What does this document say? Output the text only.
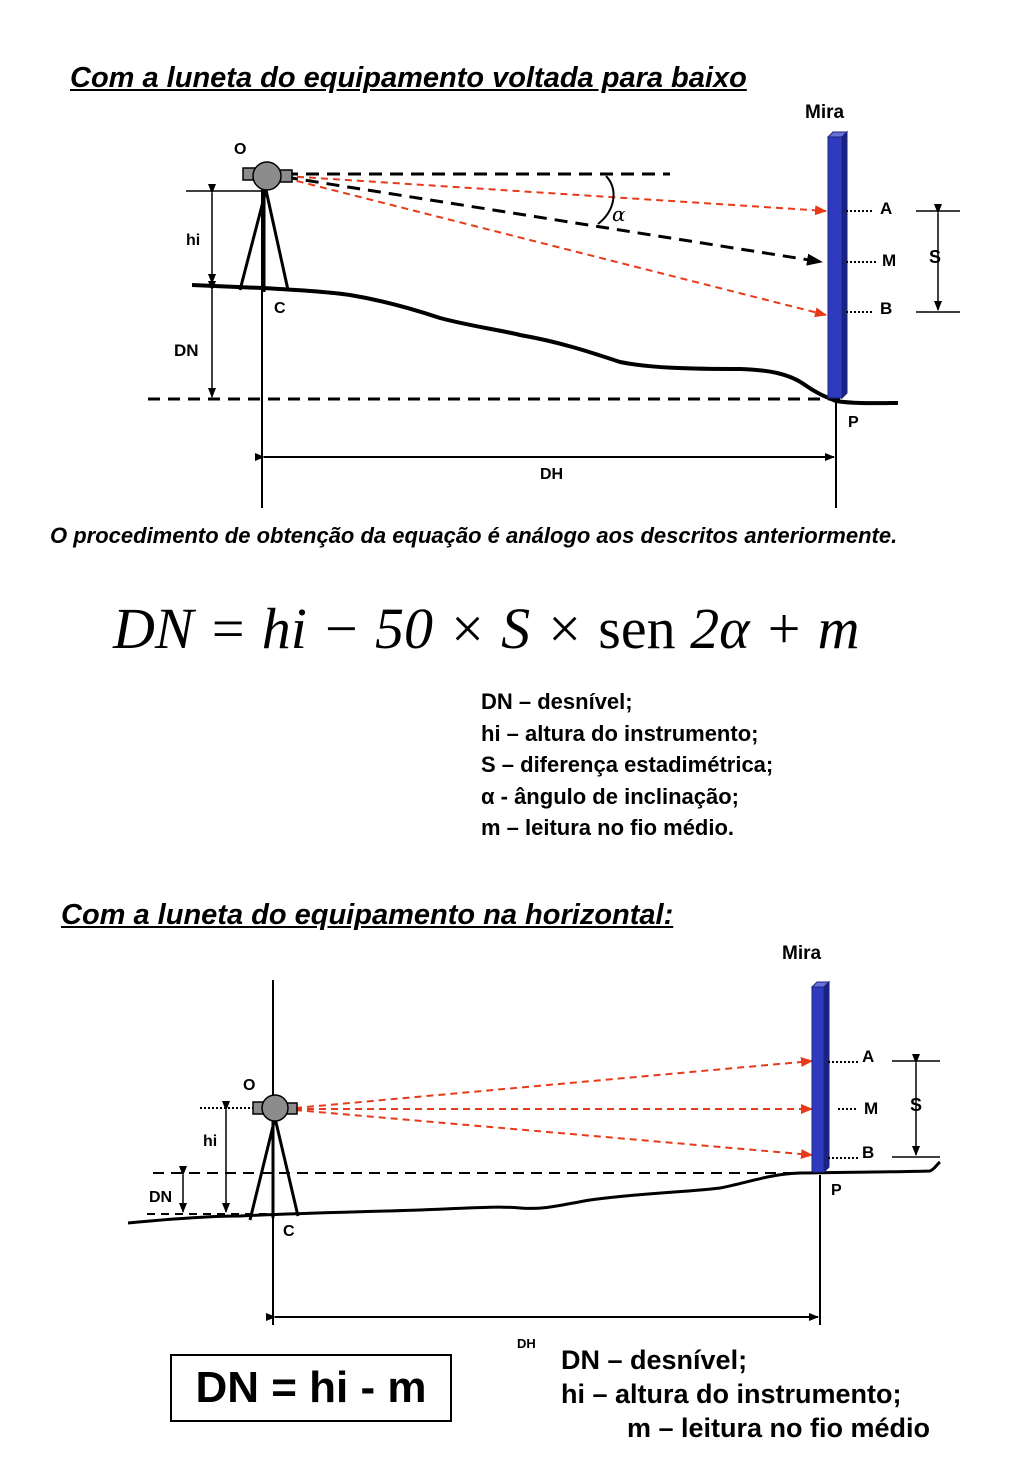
Com a luneta do equipamento voltada para baixo
Mira
O
hi
C
DN
α	A
M
B
S
P
DH
O procedimento de obtenção da equação é análogo aos descritos anteriormente.
DN = hi − 50 × S × sen 2α + m
DN – desnível;
hi – altura do instrumento;
S – diferença estadimétrica;
α - ângulo de inclinação;
m – leitura no fio médio.
Com a luneta do equipamento na horizontal:
Mira
O
hi
DN
C
A
M
B
S
P
DH
DN = hi - m
DN – desnível;
hi – altura do instrumento;
m – leitura no fio médio
